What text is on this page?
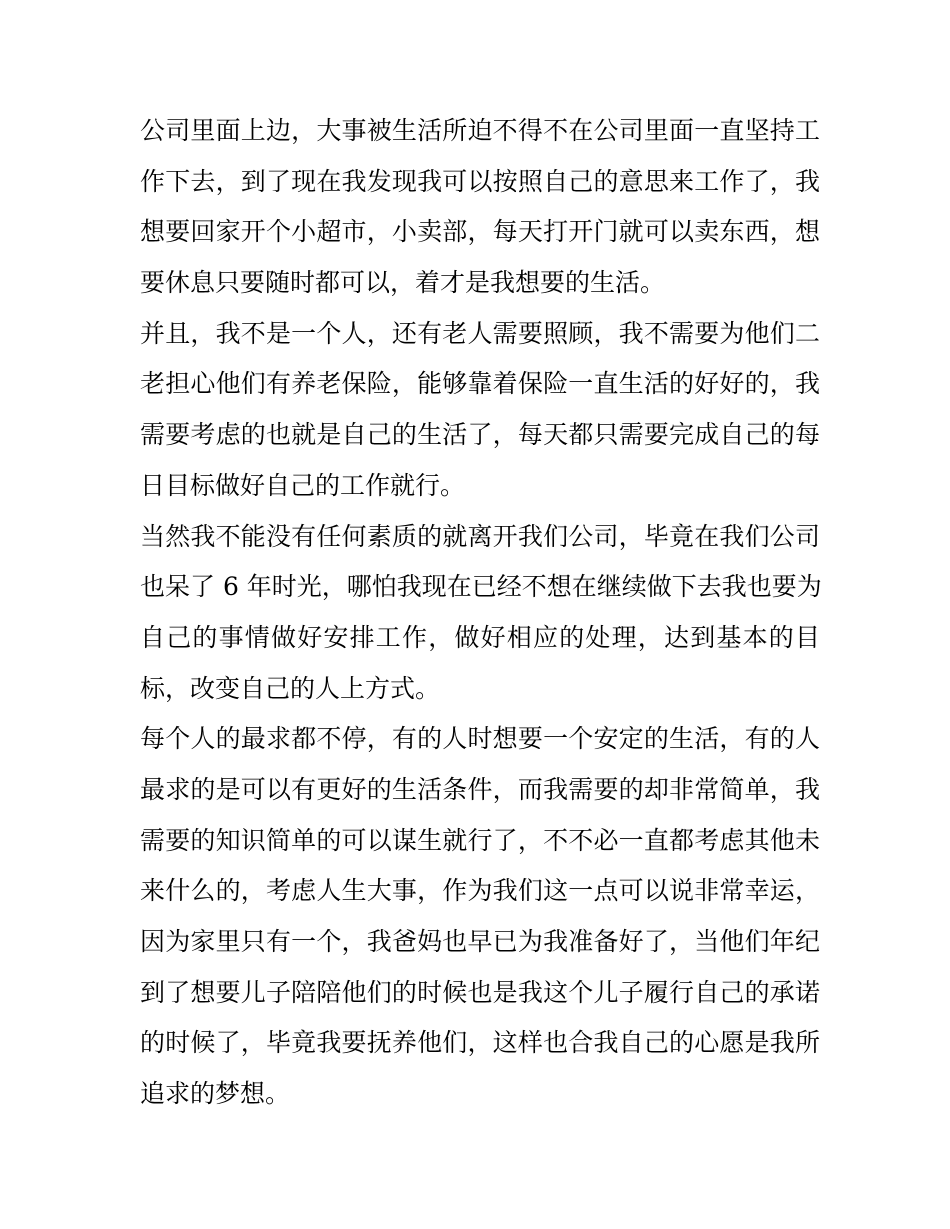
公司里面上边，大事被生活所迫不得不在公司里面一直坚持工
作下去，到了现在我发现我可以按照自己的意思来工作了，我
想要回家开个小超市，小卖部，每天打开门就可以卖东西，想
要休息只要随时都可以，着才是我想要的生活。
并且，我不是一个人，还有老人需要照顾，我不需要为他们二
老担心他们有养老保险，能够靠着保险一直生活的好好的，我
需要考虑的也就是自己的生活了，每天都只需要完成自己的每
日目标做好自己的工作就行。
当然我不能没有任何素质的就离开我们公司，毕竟在我们公司
也呆了 6 年时光，哪怕我现在已经不想在继续做下去我也要为
自己的事情做好安排工作，做好相应的处理，达到基本的目
标，改变自己的人上方式。
每个人的最求都不停，有的人时想要一个安定的生活，有的人
最求的是可以有更好的生活条件，而我需要的却非常简单，我
需要的知识简单的可以谋生就行了，不不必一直都考虑其他未
来什么的，考虑人生大事，作为我们这一点可以说非常幸运，
因为家里只有一个，我爸妈也早已为我准备好了，当他们年纪
到了想要儿子陪陪他们的时候也是我这个儿子履行自己的承诺
的时候了，毕竟我要抚养他们，这样也合我自己的心愿是我所
追求的梦想。
